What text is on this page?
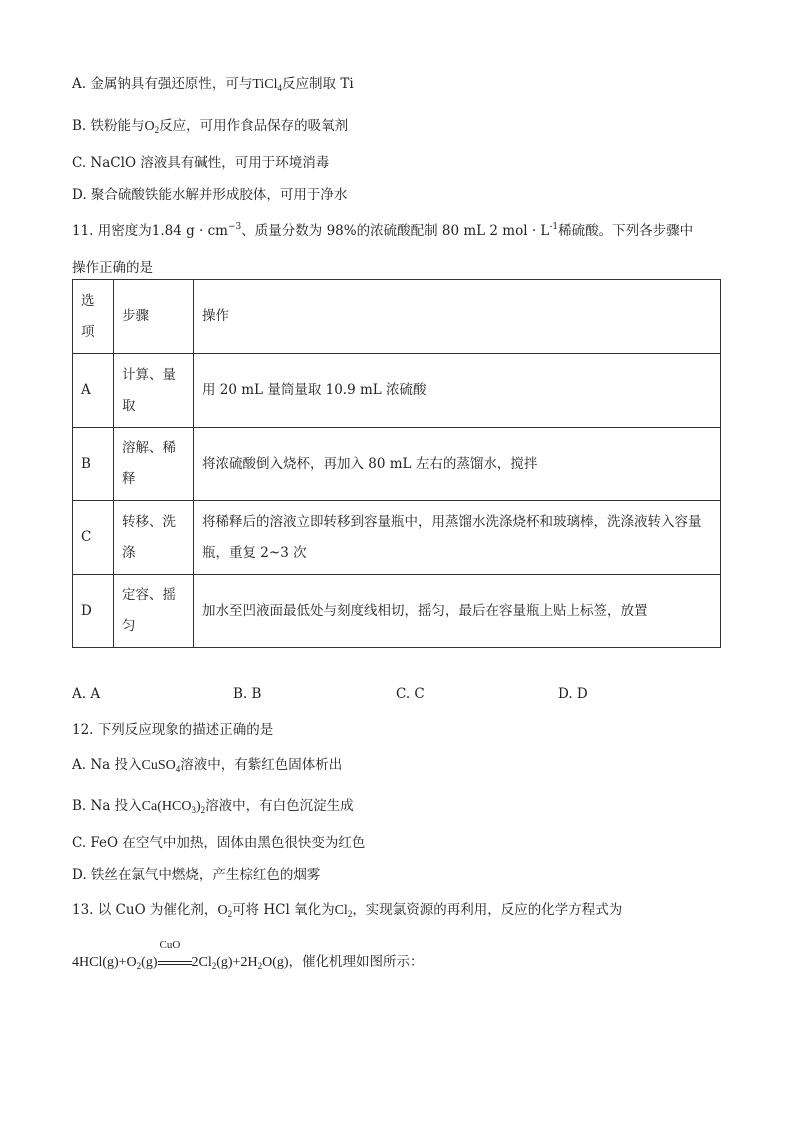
A. 金属钠具有强还原性，可与TiCl$_4$反应制取 Ti
B. 铁粉能与$O_2$反应，可用作食品保存的吸氧剂
C. NaClO 溶液具有碱性，可用于环境消毒
D. 聚合硫酸铁能水解并形成胶体，可用于净水
11. 用密度为1.84 $g \cdot cm^{-3}$、质量分数为 98%的浓硫酸配制 80 mL 2 mol · $L^{-1}$稀硫酸。下列各步骤中
操作正确的是
选项	步骤	操作
A	计算、量取	用 20 mL 量筒量取 10.9 mL 浓硫酸
B	溶解、稀释	将浓硫酸倒入烧杯，再加入 80 mL 左右的蒸馏水，搅拌
C	转移、洗涤	将稀释后的溶液立即转移到容量瓶中，用蒸馏水洗涤烧杯和玻璃棒，洗涤液转入容量瓶，重复 2~3 次
D	定容、摇匀	加水至凹液面最低处与刻度线相切，摇匀，最后在容量瓶上贴上标签，放置
A. A	B. B	C. C	D. D
12. 下列反应现象的描述正确的是
A. Na 投入CuSO$_4$溶液中，有紫红色固体析出
B. Na 投入$Ca(HCO_3)_2$溶液中，有白色沉淀生成
C. FeO 在空气中加热，固体由黑色很快变为红色
D. 铁丝在氯气中燃烧，产生棕红色的烟雾
13. 以 CuO 为催化剂，$O_2$可将 HCl 氧化为$Cl_2$，实现氯资源的再利用，反应的化学方程式为
$4HCl(g)+O_2(g)$
CuO
$2Cl_2(g)+2H_2O(g)$，催化机理如图所示：
